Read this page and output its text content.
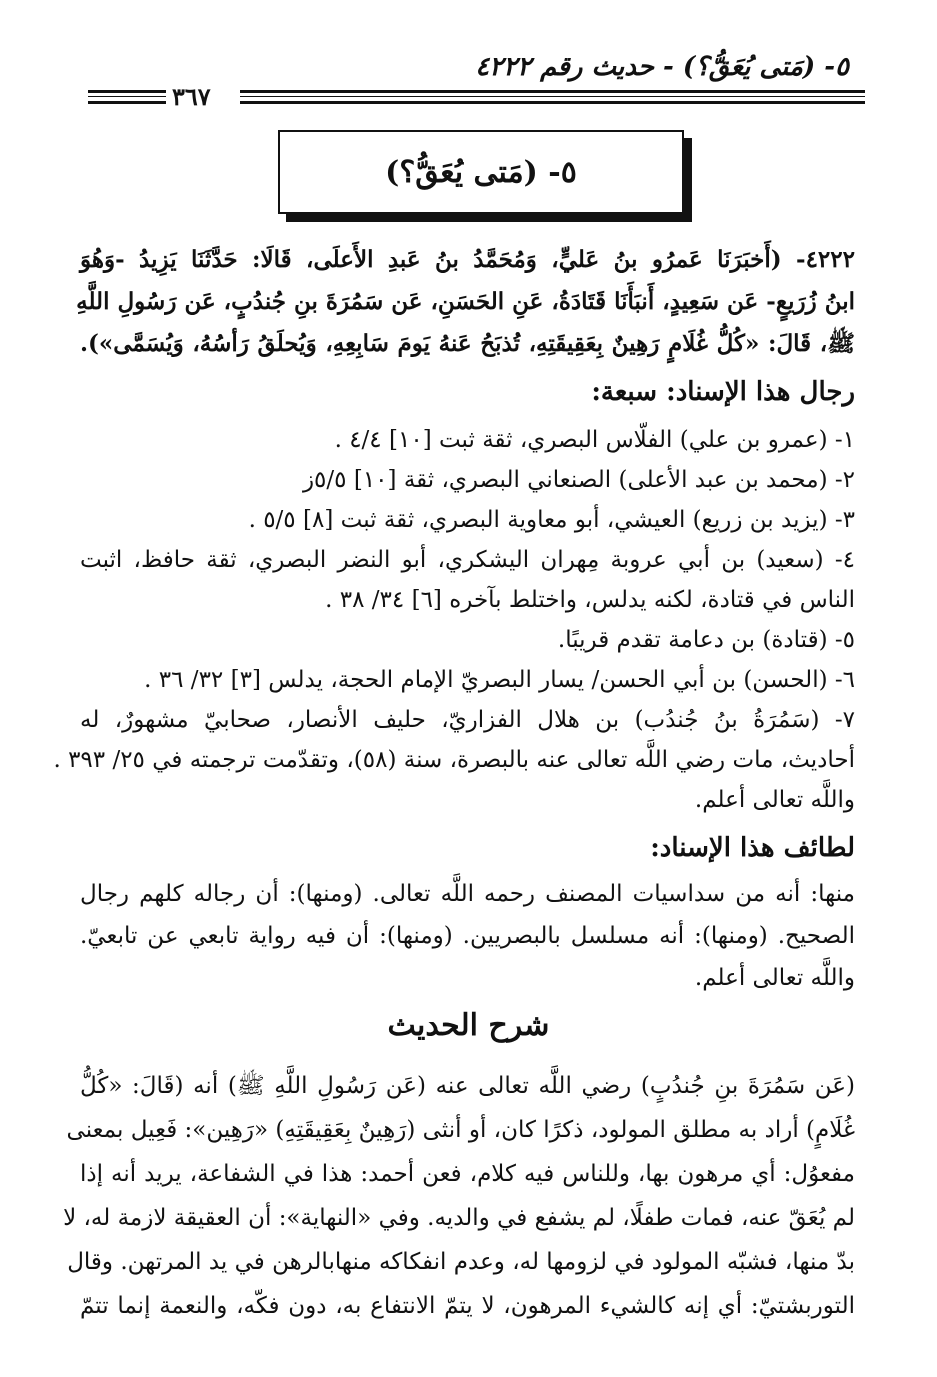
٥- (مَتى يُعَقُّ؟) - حديث رقم ٤٢٢٢
٣٦٧
٥- (مَتى يُعَقُّ؟)
٤٢٢٢- (أَخبَرَنَا عَمرُو بنُ عَليٍّ، وَمُحَمَّدُ بنُ عَبدِ الأَعلَى، قَالَا: حَدَّثَنَا يَزِيدُ -وَهُوَ
ابنُ زُرَيعٍ- عَن سَعِيدٍ، أَنبَأَنَا قَتَادَةُ، عَنِ الحَسَنِ، عَن سَمُرَةَ بنِ جُندُبٍ، عَن رَسُولِ اللَّهِ
ﷺ، قَالَ: «كُلُّ غُلَامٍ رَهِينٌ بِعَقِيقَتِهِ، تُذبَحُ عَنهُ يَومَ سَابِعِهِ، وَيُحلَقُ رَأسُهُ، وَيُسَمَّى»).
رجال هذا الإسناد: سبعة:
١- (عمرو بن علي) الفلّاس البصري، ثقة ثبت [١٠] ٤/٤ .
٢- (محمد بن عبد الأعلى) الصنعاني البصري، ثقة [١٠] ٥/٥ز
٣- (يزيد بن زريع) العيشي، أبو معاوية البصري، ثقة ثبت [٨] ٥/٥ .
٤- (سعيد) بن أبي عروبة مِهران اليشكري، أبو النضر البصري، ثقة حافظ، اثبت
الناس في قتادة، لكنه يدلس، واختلط بآخره [٦] ٣٤/ ٣٨ .
٥- (قتادة) بن دعامة تقدم قريبًا.
٦- (الحسن) بن أبي الحسن/ يسار البصريّ الإمام الحجة، يدلس [٣] ٣٢/ ٣٦ .
٧- (سَمُرَةُ بنُ جُندُب) بن هلال الفزاريّ، حليف الأنصار، صحابيّ مشهورٌ، له
أحاديث، مات رضي اللَّه تعالى عنه بالبصرة، سنة (٥٨)، وتقدّمت ترجمته في ٢٥/ ٣٩٣ .
واللَّه تعالى أعلم.
لطائف هذا الإسناد:
منها: أنه من سداسيات المصنف رحمه اللَّه تعالى. (ومنها): أن رجاله كلهم رجال
الصحيح. (ومنها): أنه مسلسل بالبصريين. (ومنها): أن فيه رواية تابعي عن تابعيّ.
واللَّه تعالى أعلم.
شرح الحديث
(عَن سَمُرَةَ بنِ جُندُبٍ) رضي اللَّه تعالى عنه (عَن رَسُولِ اللَّهِ ﷺ) أنه (قَالَ: «كُلُّ
غُلَامٍ) أراد به مطلق المولود، ذكرًا كان، أو أنثى (رَهِينٌ بِعَقِيقَتِهِ) «رَهِين»: فَعِيل بمعنى
مفعوُل: أي مرهون بها، وللناس فيه كلام، فعن أحمد: هذا في الشفاعة، يريد أنه إذا
لم يُعَقّ عنه، فمات طفلًا، لم يشفع في والديه. وفي «النهاية»: أن العقيقة لازمة له، لا
بدّ منها، فشبّه المولود في لزومها له، وعدم انفكاكه منهابالرهن في يد المرتهن. وقال
التوربشتيّ: أي إنه كالشيء المرهون، لا يتمّ الانتفاع به، دون فكّه، والنعمة إنما تتمّ
